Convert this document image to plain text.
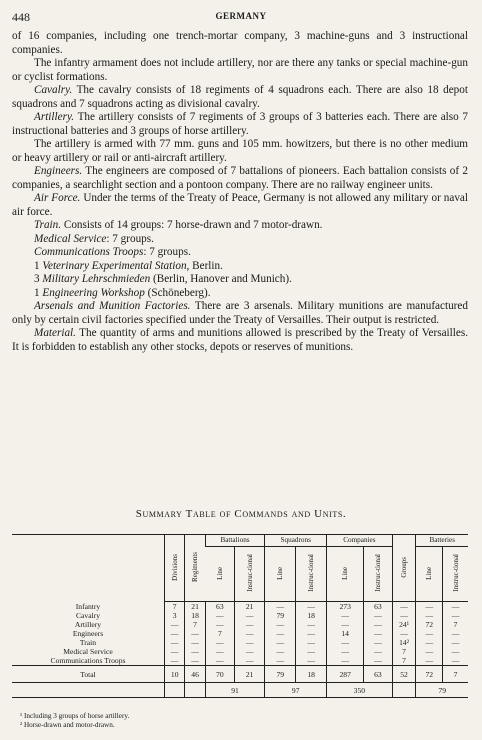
448	GERMANY

of 16 companies, including one trench-mortar company, 3 machine-guns and 3 instructional companies.

The infantry armament does not include artillery, nor are there any tanks or special machine-gun or cyclist formations.

Cavalry. The cavalry consists of 18 regiments of 4 squadrons each. There are also 18 depot squadrons and 7 squadrons acting as divisional cavalry.

Artillery. The artillery consists of 7 regiments of 3 groups of 3 batteries each. There are also 7 instructional batteries and 3 groups of horse artillery.

The artillery is armed with 77 mm. guns and 105 mm. howitzers, but there is no other medium or heavy artillery or rail or anti-aircraft artillery.

Engineers. The engineers are composed of 7 battalions of pioneers. Each battalion consists of 2 companies, a searchlight section and a pontoon company. There are no railway engineer units.

Air Force. Under the terms of the Treaty of Peace, Germany is not allowed any military or naval air force.

Train. Consists of 14 groups: 7 horse-drawn and 7 motor-drawn.

Medical Service: 7 groups.

Communications Troops: 7 groups.

1 Veterinary Experimental Station, Berlin.

3 Military Lehrschmieden (Berlin, Hanover and Munich).

1 Engineering Workshop (Schöneberg).

Arsenals and Munition Factories. There are 3 arsenals. Military munitions are manufactured only by certain civil factories specified under the Treaty of Versailles. Their output is restricted.

Material. The quantity of arms and munitions allowed is prescribed by the Treaty of Versailles. It is forbidden to establish any other stocks, depots or reserves of munitions.

Summary Table of Commands and Units.
	Divisions	Regiments	Battalions		Squadrons		Companies		Groups	Batteries	
			Line	Instruc-tional	Line	Instruc-tional	Line	Instruc-tional		Line	Instruc-tional
Infantry	7	21	63	21	—	—	273	63	—	—	—
Cavalry	3	18	—	—	79	18	—	—	—	—	—
Artillery	—	7	—	—	—	—	—	—	24¹	72	7
Engineers	—	—	7	—	—	—	14	—	—	—	—
Train	—	—	—	—	—	—	—	—	14²	—	—
Medical Service	—	—	—	—	—	—	—	—	7	—	—
Communications Troops	—	—	—	—	—	—	—	—	7	—	—
Total	10	46	70	21	79	18	287	63	52	72	7
			91		97		350			79	
¹ Including 3 groups of horse artillery.
² Horse-drawn and motor-drawn.
